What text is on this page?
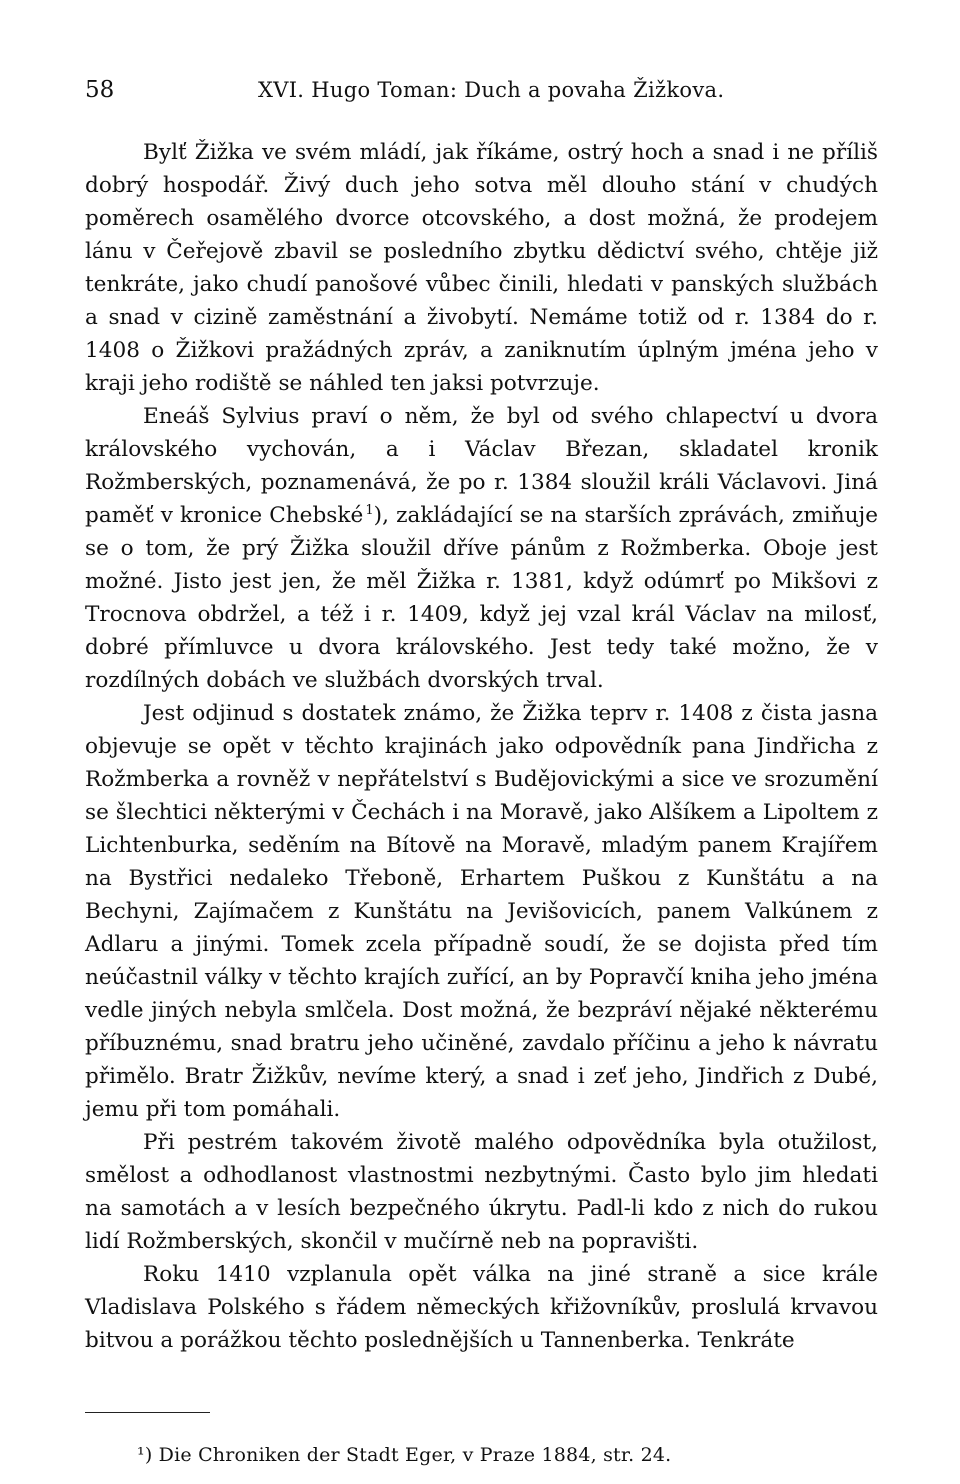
58	XVI. Hugo Toman: Duch a povaha Žižkova.

Bylť Žižka ve svém mládí, jak říkáme, ostrý hoch a snad i ne příliš dobrý hospodář. Živý duch jeho sotva měl dlouho stání v chudých poměrech osamělého dvorce otcovského, a dost možná, že prodejem lánu v Čeřejově zbavil se posledního zbytku dědictví svého, chtěje již tenkráte, jako chudí panošové vůbec činili, hledati v panských službách a snad v cizině zaměstnání a živobytí. Nemáme totiž od r. 1384 do r. 1408 o Žižkovi pražádných zpráv, a zaniknutím úplným jména jeho v kraji jeho rodiště se náhled ten jaksi potvrzuje.

Eneáš Sylvius praví o něm, že byl od svého chlapectví u dvora královského vychován, a i Václav Březan, skladatel kronik Rožmberských, poznamenává, že po r. 1384 sloužil králi Václavovi. Jiná paměť v kronice Chebské  $^1$), zakládající se na starších zprávách, zmiňuje se o tom, že prý Žižka sloužil dříve pánům z Rožmberka. Oboje jest možné. Jisto jest jen, že měl Žižka r. 1381, když odúmrť po Mikšovi z Trocnova obdržel, a též i r. 1409, když jej vzal král Václav na milosť, dobré přímluvce u dvora královského. Jest tedy také možno, že v rozdílných dobách ve službách dvorských trval.

Jest odjinud s dostatek známo, že Žižka teprv r. 1408 z čista jasna objevuje se opět v těchto krajinách jako odpovědník pana Jindřicha z Rožmberka a rovněž v nepřátelství s Budějovickými a sice ve srozumění se šlechtici některými v Čechách i na Moravě, jako Alšíkem a Lipoltem z Lichtenburka, seděním na Bítově na Moravě, mladým panem Krajířem na Bystřici nedaleko Třeboně, Erhartem Puškou z Kunštátu a na Bechyni, Zajímačem z Kunštátu na Jevišovicích, panem Valkúnem z Adlaru a jinými. Tomek zcela případně soudí, že se dojista před tím neúčastnil války v těchto krajích zuřící, an by Popravčí kniha jeho jména vedle jiných nebyla smlčela. Dost možná, že bezpráví nějaké některému příbuznému, snad bratru jeho učiněné, zavdalo příčinu a jeho k návratu přimělo. Bratr Žižkův, nevíme který, a snad i zeť jeho, Jindřich z Dubé, jemu při tom pomáhali.

Při pestrém takovém životě malého odpovědníka byla otužilost, smělost a odhodlanost vlastnostmi nezbytnými. Často bylo jim hledati na samotách a v lesích bezpečného úkrytu. Padl-li kdo z nich do rukou lidí Rožmberských, skončil v mučírně neb na popravišti.

Roku 1410 vzplanula opět válka na jiné straně a sice krále Vladislava Polského s řádem německých křižovníkův, proslulá krvavou bitvou a porážkou těchto poslednějších u Tannenberka. Tenkráte

¹) Die Chroniken der Stadt Eger, v Praze 1884, str. 24.
